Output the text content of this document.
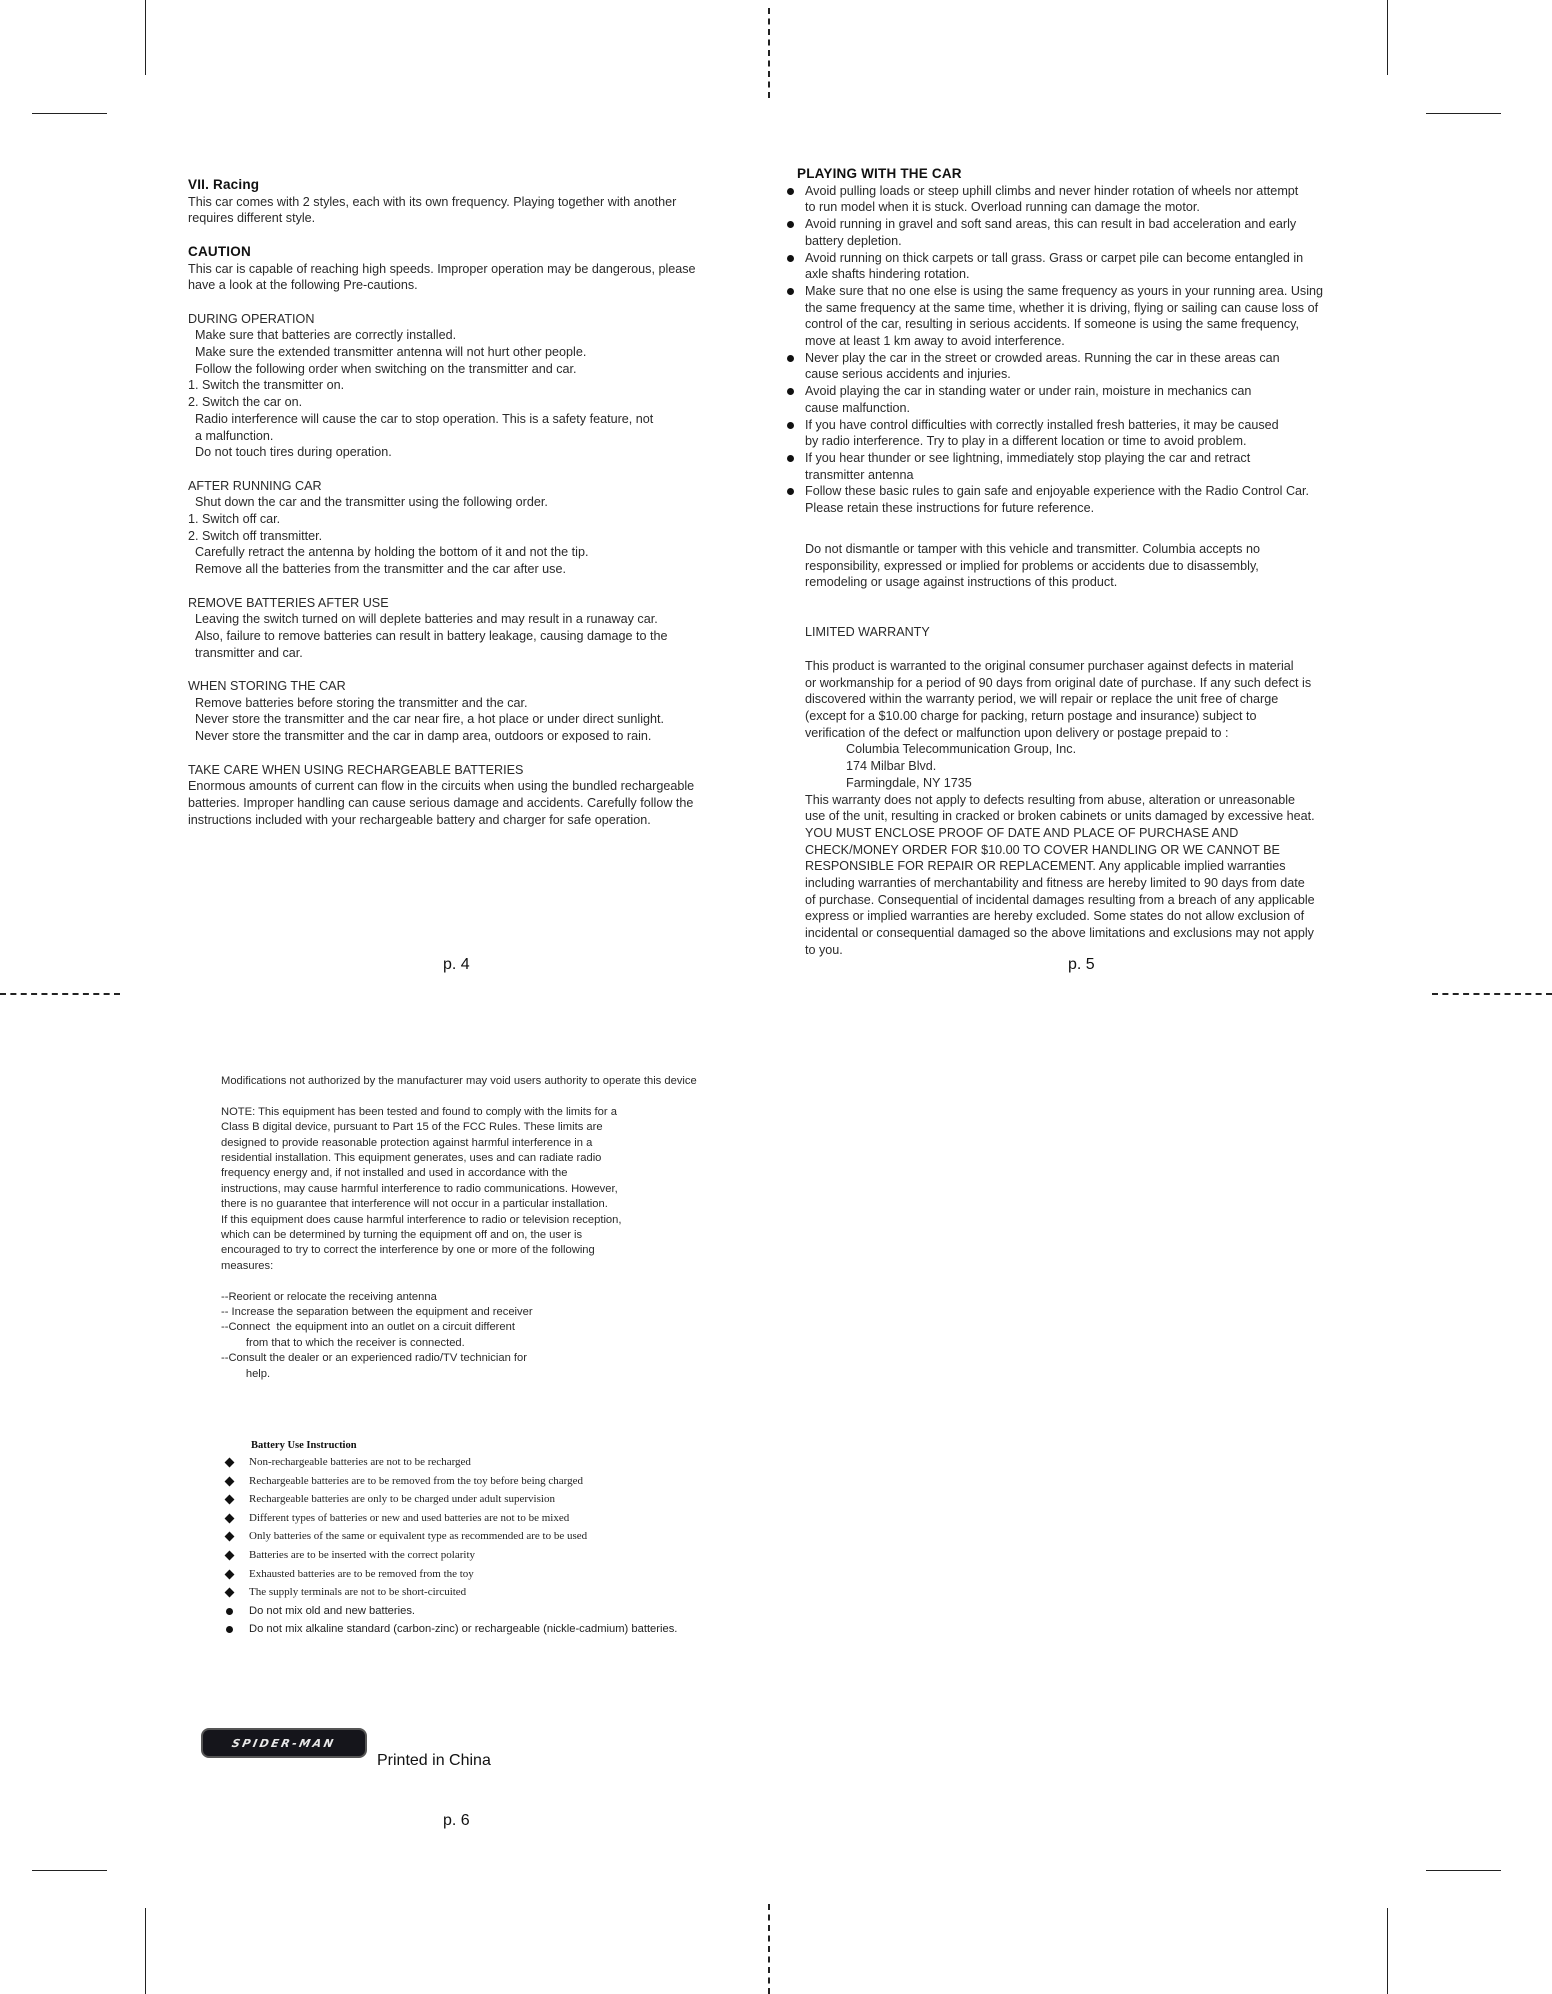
VII. Racing

This car comes with 2 styles, each with its own frequency. Playing together with another

requires different style.

CAUTION

This car is capable of reaching high speeds. Improper operation may be dangerous, please

have a look at the following Pre-cautions.

DURING OPERATION

Make sure that batteries are correctly installed.

Make sure the extended transmitter antenna will not hurt other people.

Follow the following order when switching on the transmitter and car.

1. Switch the transmitter on.

2. Switch the car on.

Radio interference will cause the car to stop operation. This is a safety feature, not

a malfunction.

Do not touch tires during operation.

AFTER RUNNING CAR

Shut down the car and the transmitter using the following order.

1. Switch off car.

2. Switch off transmitter.

Carefully retract the antenna by holding the bottom of it and not the tip.

Remove all the batteries from the transmitter and the car after use.

REMOVE BATTERIES AFTER USE

Leaving the switch turned on will deplete batteries and may result in a runaway car.

Also, failure to remove batteries can result in battery leakage, causing damage to the

transmitter and car.

WHEN STORING THE CAR

Remove batteries before storing the transmitter and the car.

Never store the transmitter and the car near fire, a hot place or under direct sunlight.

Never store the transmitter and the car in damp area, outdoors or exposed to rain.

TAKE CARE WHEN USING RECHARGEABLE BATTERIES

Enormous amounts of current can flow in the circuits when using the bundled rechargeable

batteries. Improper handling can cause serious damage and accidents. Carefully follow the

instructions included with your rechargeable battery and charger for safe operation.

p. 4

PLAYING WITH THE CAR

Avoid pulling loads or steep uphill climbs and never hinder rotation of wheels nor attempt
to run model when it is stuck. Overload running can damage the motor.
Avoid running in gravel and soft sand areas, this can result in bad acceleration and early
battery depletion.
Avoid running on thick carpets or tall grass. Grass or carpet pile can become entangled in
axle shafts hindering rotation.
Make sure that no one else is using the same frequency as yours in your running area. Using
the same frequency at the same time, whether it is driving, flying or sailing can cause loss of
control of the car, resulting in serious accidents. If someone is using the same frequency,
move at least 1 km away to avoid interference.
Never play the car in the street or crowded areas. Running the car in these areas can
cause serious accidents and injuries.
Avoid playing the car in standing water or under rain, moisture in mechanics can
cause malfunction.
If you have control difficulties with correctly installed fresh batteries, it may be caused
by radio interference. Try to play in a different location or time to avoid problem.
If you hear thunder or see lightning, immediately stop playing the car and retract
transmitter antenna
Follow these basic rules to gain safe and enjoyable experience with the Radio Control Car.
Please retain these instructions for future reference.

Do not dismantle or tamper with this vehicle and transmitter. Columbia accepts no

responsibility, expressed or implied for problems or accidents due to disassembly,

remodeling or usage against instructions of this product.

LIMITED WARRANTY

This product is warranted to the original consumer purchaser against defects in material

or workmanship for a period of 90 days from original date of purchase. If any such defect is

discovered within the warranty period, we will repair or replace the unit free of charge

(except for a $10.00 charge for packing, return postage and insurance) subject to

verification of the defect or malfunction upon delivery or postage prepaid to :

Columbia Telecommunication Group, Inc.

174 Milbar Blvd.

Farmingdale, NY 1735

This warranty does not apply to defects resulting from abuse, alteration or unreasonable

use of the unit, resulting in cracked or broken cabinets or units damaged by excessive heat.

YOU MUST ENCLOSE PROOF OF DATE AND PLACE OF PURCHASE AND

CHECK/MONEY ORDER FOR $10.00 TO COVER HANDLING OR WE CANNOT BE

RESPONSIBLE FOR REPAIR OR REPLACEMENT. Any applicable implied warranties

including warranties of merchantability and fitness are hereby limited to 90 days from date

of purchase. Consequential of incidental damages resulting from a breach of any applicable

express or implied warranties are hereby excluded. Some states do not allow exclusion of

incidental or consequential damaged so the above limitations and exclusions may not apply

to you.

p. 5

Modifications not authorized by the manufacturer may void users authority to operate this device

NOTE: This equipment has been tested and found to comply with the limits for a

Class B digital device, pursuant to Part 15 of the FCC Rules. These limits are

designed to provide reasonable protection against harmful interference in a

residential installation. This equipment generates, uses and can radiate radio

frequency energy and, if not installed and used in accordance with the

instructions, may cause harmful interference to radio communications. However,

there is no guarantee that interference will not occur in a particular installation.

If this equipment does cause harmful interference to radio or television reception,

which can be determined by turning the equipment off and on, the user is

encouraged to try to correct the interference by one or more of the following

measures:

--Reorient or relocate the receiving antenna

-- Increase the separation between the equipment and receiver

--Connect  the equipment into an outlet on a circuit different

from that to which the receiver is connected.

--Consult the dealer or an experienced radio/TV technician for

help.

Battery Use Instruction
Non-rechargeable batteries are not to be recharged
Rechargeable batteries are to be removed from the toy before being charged
Rechargeable batteries are only to be charged under adult supervision
Different types of batteries or new and used batteries are not to be mixed
Only batteries of the same or equivalent type as recommended are to be used
Batteries are to be inserted with the correct polarity
Exhausted batteries are to be removed from the toy
The supply terminals are not to be short-circuited
Do not mix old and new batteries.
Do not mix alkaline standard (carbon-zinc) or rechargeable (nickle-cadmium) batteries.
SPIDER-MAN
Printed in China
p. 6
